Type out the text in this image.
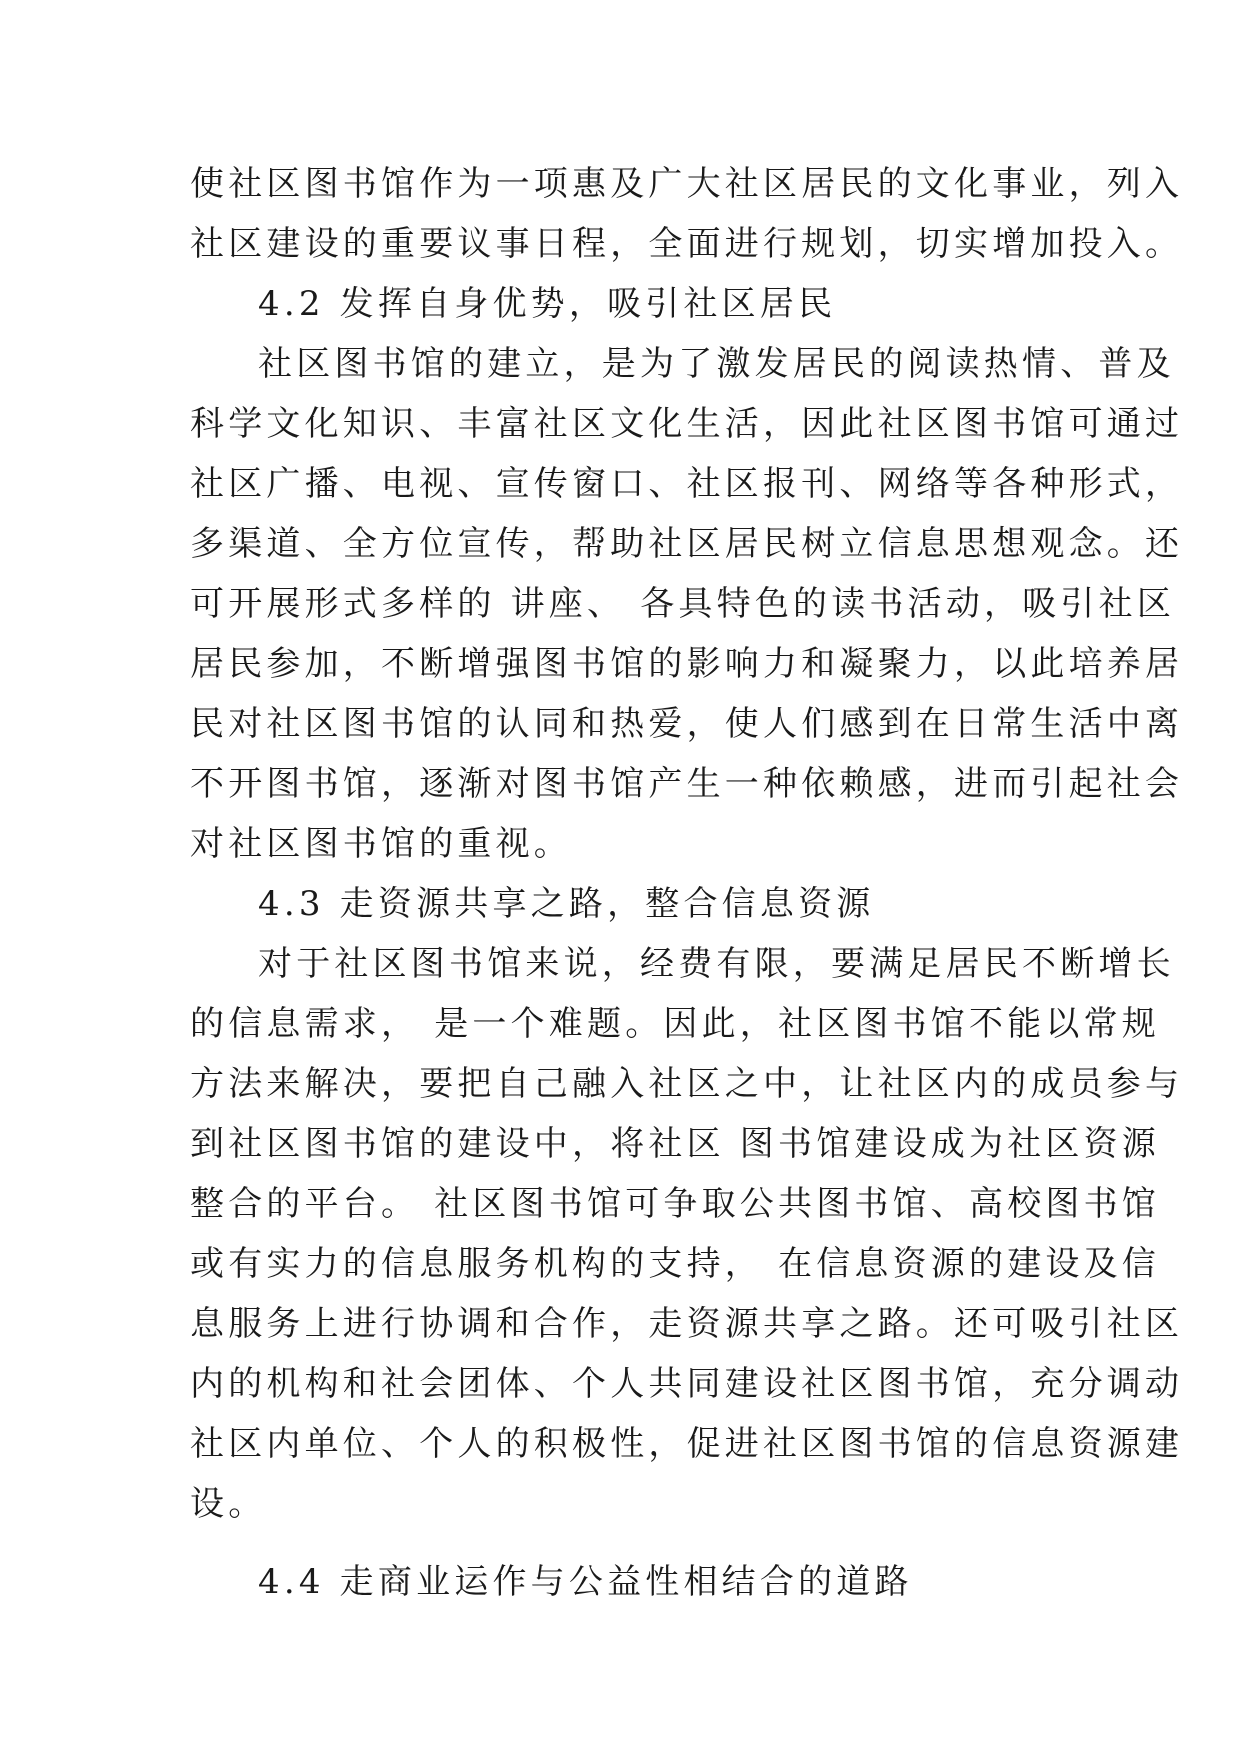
使社区图书馆作为一项惠及广大社区居民的文化事业，列入
社区建设的重要议事日程，全面进行规划，切实增加投入。
4.2 发挥自身优势，吸引社区居民
社区图书馆的建立，是为了激发居民的阅读热情、普及
科学文化知识、丰富社区文化生活，因此社区图书馆可通过
社区广播、电视、宣传窗口、社区报刊、网络等各种形式，
多渠道、全方位宣传，帮助社区居民树立信息思想观念。还
可开展形式多样的 讲座、 各具特色的读书活动，吸引社区
居民参加，不断增强图书馆的影响力和凝聚力，以此培养居
民对社区图书馆的认同和热爱，使人们感到在日常生活中离
不开图书馆，逐渐对图书馆产生一种依赖感，进而引起社会
对社区图书馆的重视。
4.3 走资源共享之路，整合信息资源
对于社区图书馆来说，经费有限，要满足居民不断增长
的信息需求， 是一个难题。因此，社区图书馆不能以常规
方法来解决，要把自己融入社区之中，让社区内的成员参与
到社区图书馆的建设中，将社区 图书馆建设成为社区资源
整合的平台。 社区图书馆可争取公共图书馆、高校图书馆
或有实力的信息服务机构的支持， 在信息资源的建设及信
息服务上进行协调和合作，走资源共享之路。还可吸引社区
内的机构和社会团体、个人共同建设社区图书馆，充分调动
社区内单位、个人的积极性，促进社区图书馆的信息资源建
设。
4.4 走商业运作与公益性相结合的道路
